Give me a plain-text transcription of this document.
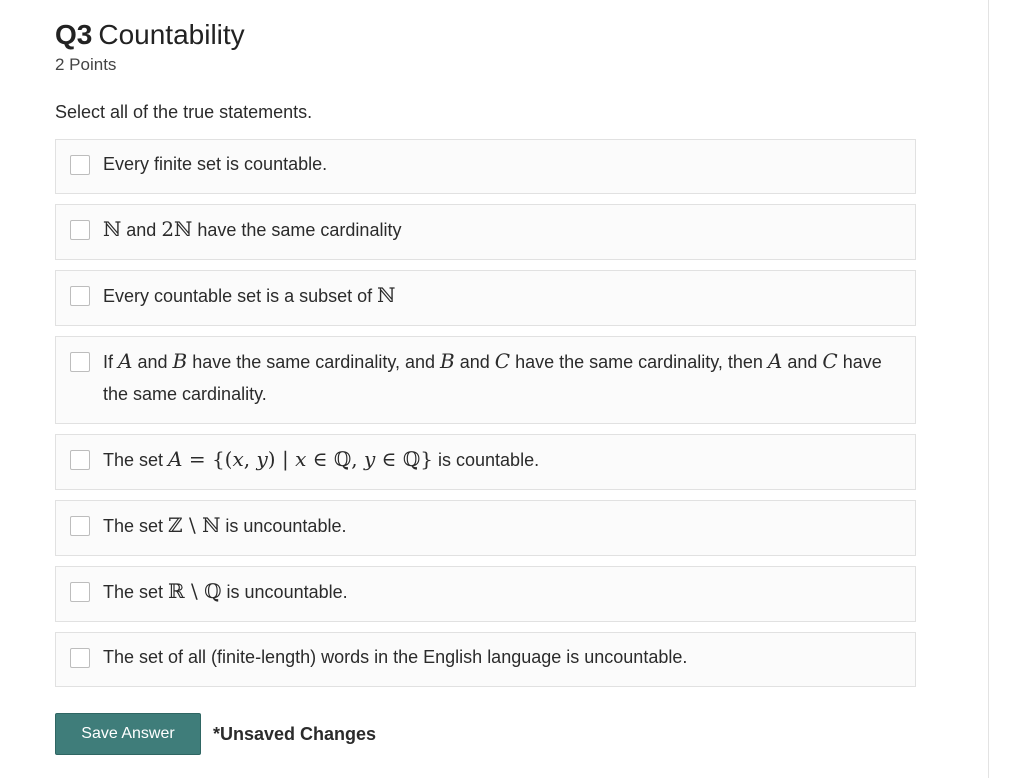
Q3 Countability
2 Points
Select all of the true statements.
Every finite set is countable.
ℕ and 2ℕ have the same cardinality
Every countable set is a subset of ℕ
If A and B have the same cardinality, and B and C have the same cardinality, then A and C have the same cardinality.
The set A = {(x, y) | x ∈ ℚ, y ∈ ℚ} is countable.
The set ℤ \ ℕ is uncountable.
The set ℝ \ ℚ is uncountable.
The set of all (finite-length) words in the English language is uncountable.
Save Answer	*Unsaved Changes
